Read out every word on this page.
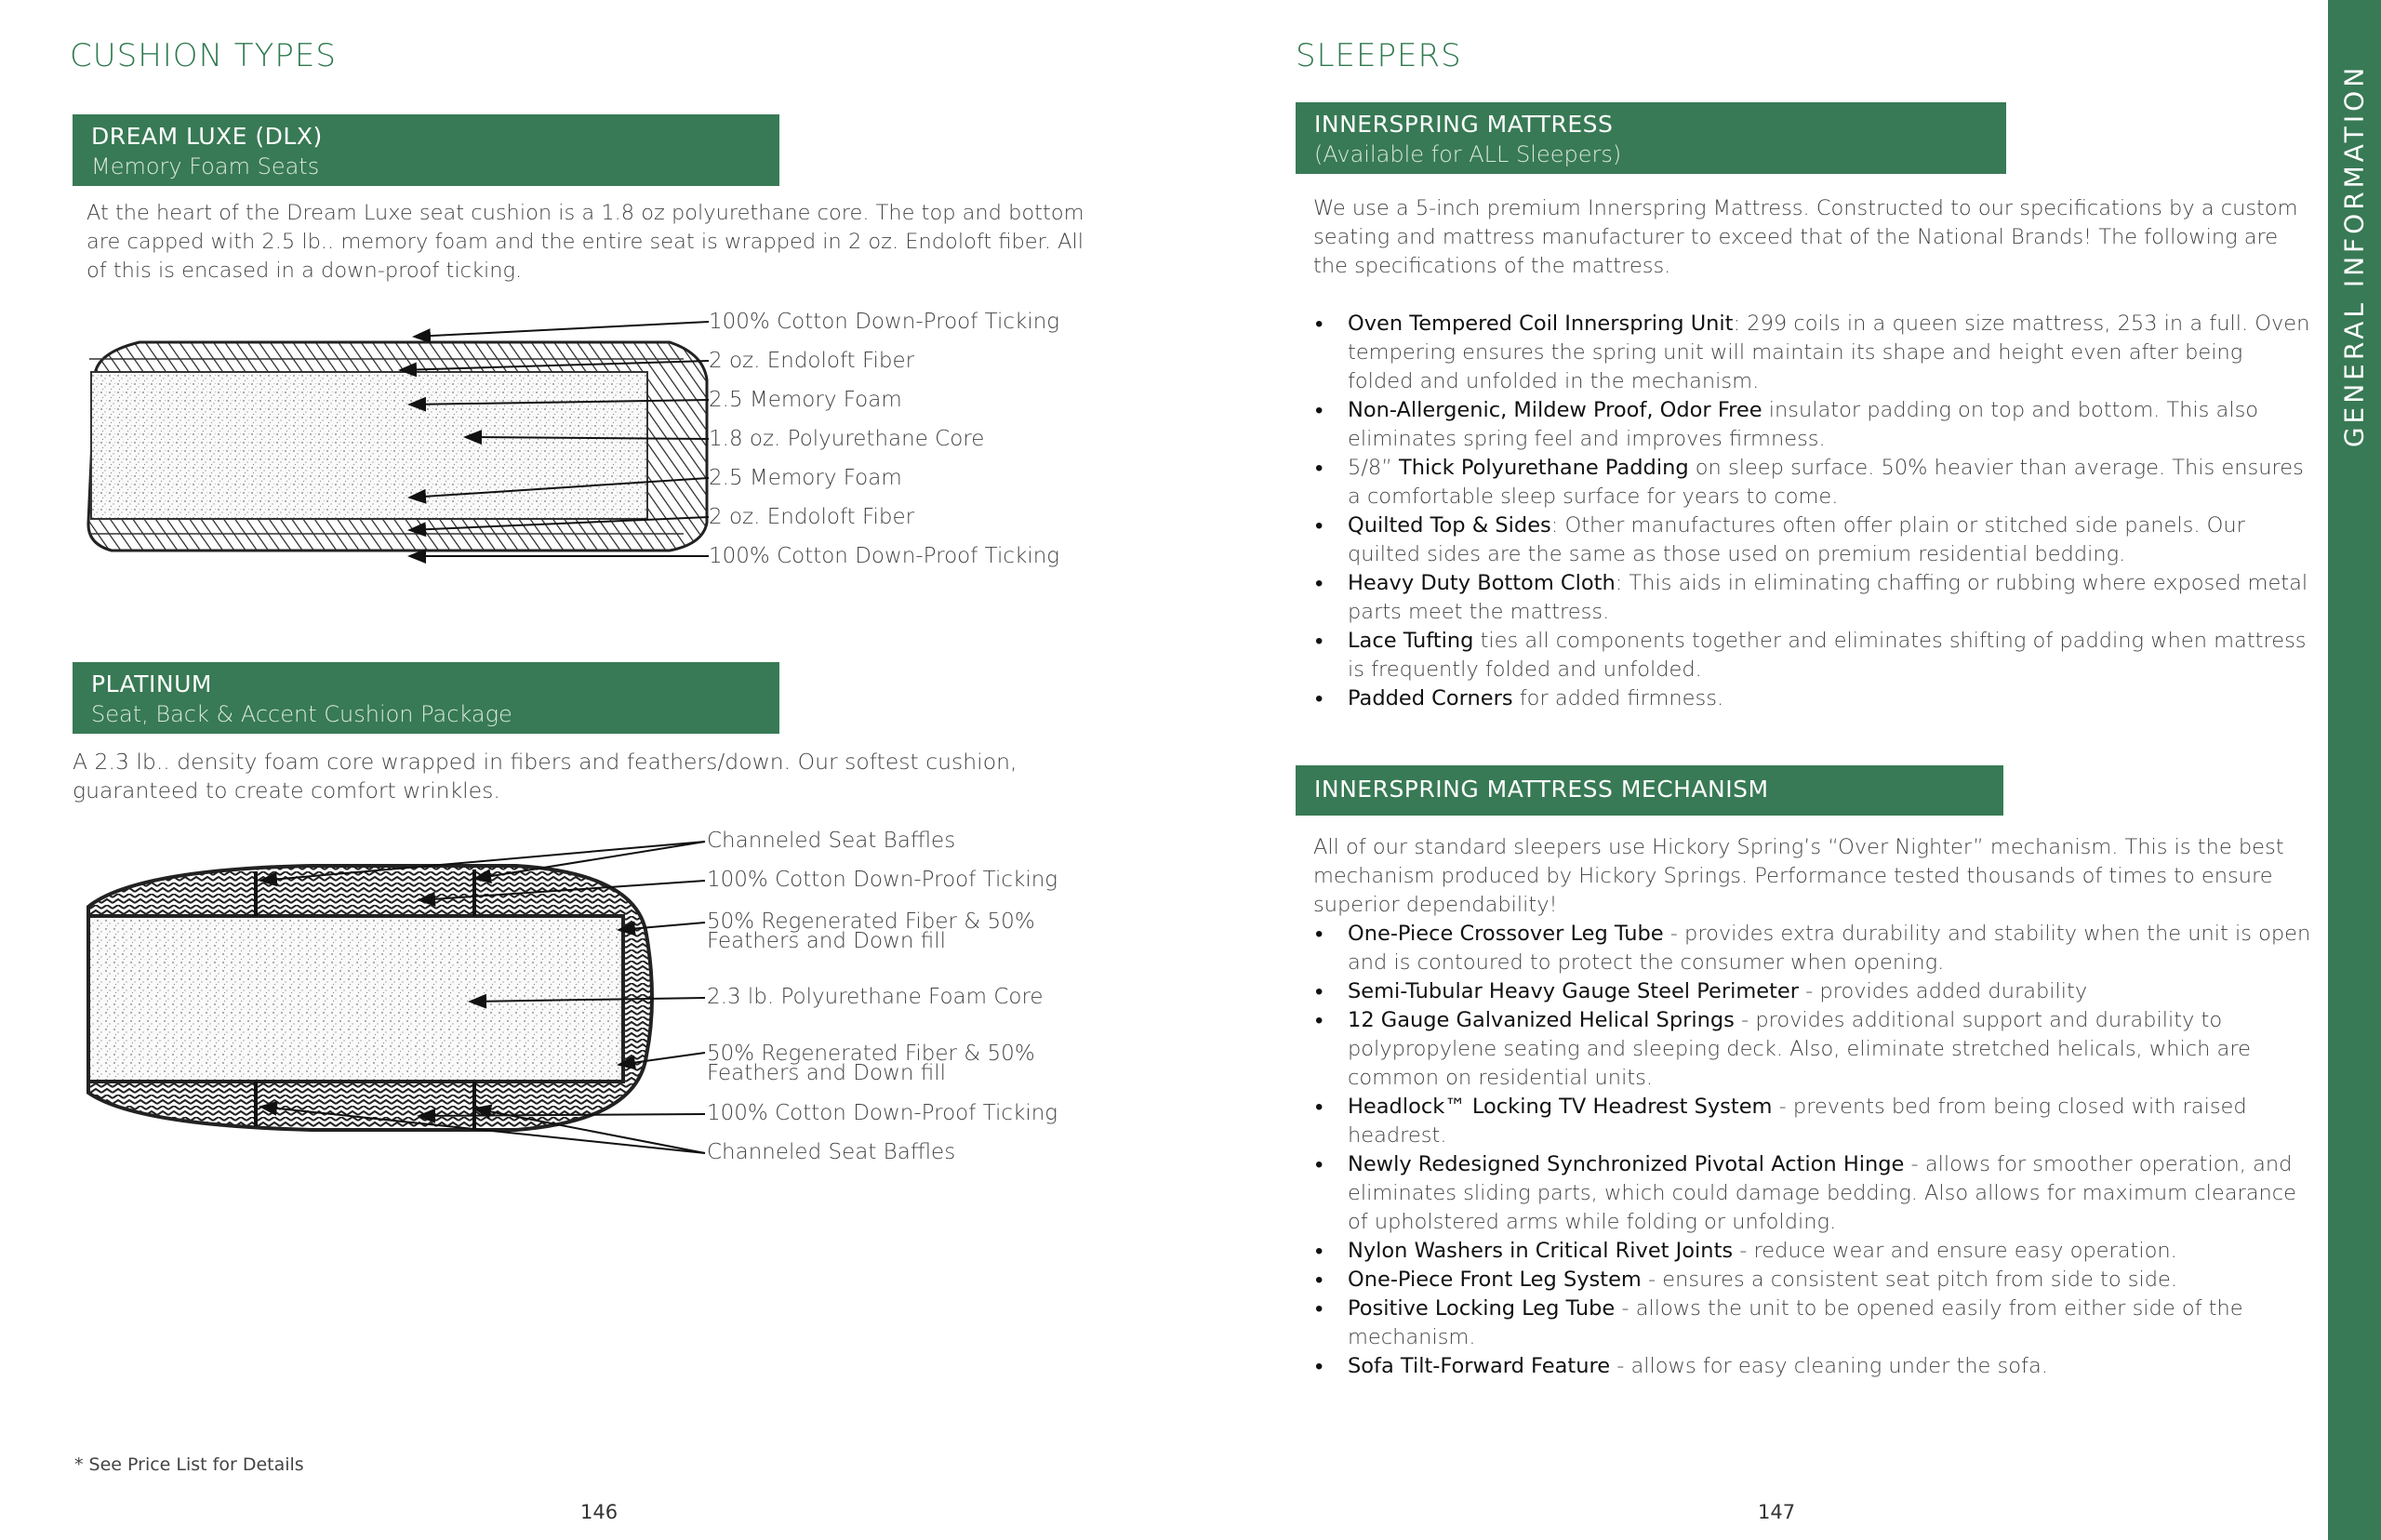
CUSHION TYPES
DREAM LUXE (DLX)
Memory Foam Seats
At the heart of the Dream Luxe seat cushion is a 1.8 oz polyurethane core. The top and bottom are capped with 2.5 lb.. memory foam and the entire seat is wrapped in 2 oz. Endoloft fiber. All of this is encased in a down-proof ticking.
100% Cotton Down-Proof Ticking
2 oz. Endoloft Fiber
2.5 Memory Foam
1.8 oz. Polyurethane Core
2.5 Memory Foam
2 oz. Endoloft Fiber
100% Cotton Down-Proof Ticking
PLATINUM
Seat, Back & Accent Cushion Package
A 2.3 lb.. density foam core wrapped in fibers and feathers/down. Our softest cushion, guaranteed to create comfort wrinkles.
Channeled Seat Baffles
100% Cotton Down-Proof Ticking
50% Regenerated Fiber & 50% Feathers and Down fill
2.3 lb. Polyurethane Foam Core
50% Regenerated Fiber & 50% Feathers and Down fill
100% Cotton Down-Proof Ticking
Channeled Seat Baffles
* See Price List for Details
146
SLEEPERS
INNERSPRING MATTRESS
(Available for ALL Sleepers)
We use a 5-inch premium Innerspring Mattress. Constructed to our specifications by a custom seating and mattress manufacturer to exceed that of the National Brands! The following are the specifications of the mattress.
• Oven Tempered Coil Innerspring Unit: 299 coils in a queen size mattress, 253 in a full. Oven tempering ensures the spring unit will maintain its shape and height even after being folded and unfolded in the mechanism.
• Non-Allergenic, Mildew Proof, Odor Free insulator padding on top and bottom. This also eliminates spring feel and improves firmness.
• 5/8” Thick Polyurethane Padding on sleep surface. 50% heavier than average. This ensures a comfortable sleep surface for years to come.
• Quilted Top & Sides: Other manufactures often offer plain or stitched side panels. Our quilted sides are the same as those used on premium residential bedding.
• Heavy Duty Bottom Cloth: This aids in eliminating chaffing or rubbing where exposed metal parts meet the mattress.
• Lace Tufting ties all components together and eliminates shifting of padding when mattress is frequently folded and unfolded.
• Padded Corners for added firmness.
INNERSPRING MATTRESS MECHANISM
All of our standard sleepers use Hickory Spring’s “Over Nighter” mechanism. This is the best mechanism produced by Hickory Springs. Performance tested thousands of times to ensure superior dependability!
• One-Piece Crossover Leg Tube - provides extra durability and stability when the unit is open and is contoured to protect the consumer when opening.
• Semi-Tubular Heavy Gauge Steel Perimeter - provides added durability
• 12 Gauge Galvanized Helical Springs - provides additional support and durability to polypropylene seating and sleeping deck. Also, eliminate stretched helicals, which are common on residential units.
• Headlock™ Locking TV Headrest System - prevents bed from being closed with raised headrest.
• Newly Redesigned Synchronized Pivotal Action Hinge - allows for smoother operation, and eliminates sliding parts, which could damage bedding. Also allows for maximum clearance of upholstered arms while folding or unfolding.
• Nylon Washers in Critical Rivet Joints - reduce wear and ensure easy operation.
• One-Piece Front Leg System - ensures a consistent seat pitch from side to side.
• Positive Locking Leg Tube - allows the unit to be opened easily from either side of the mechanism.
• Sofa Tilt-Forward Feature - allows for easy cleaning under the sofa.
147
GENERAL INFORMATION
